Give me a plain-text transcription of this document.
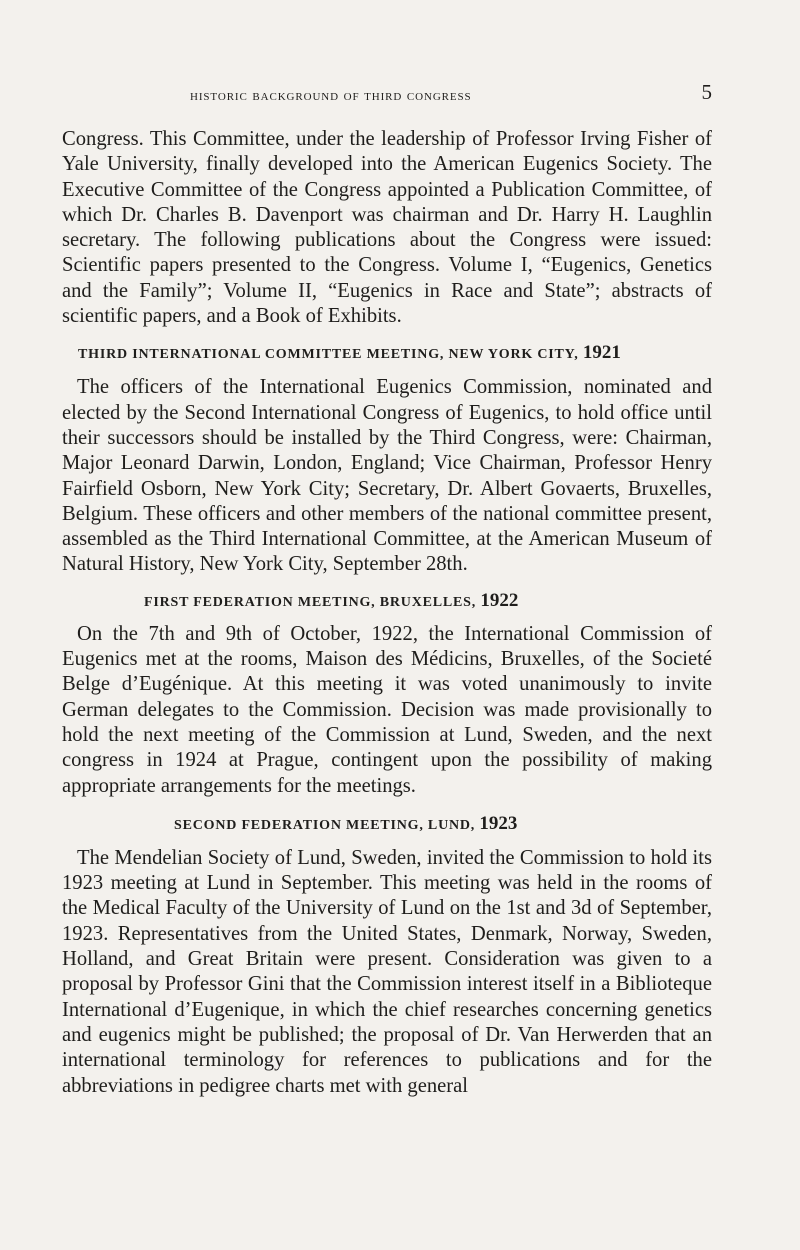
historic background of third congress	5

Congress. This Committee, under the leadership of Professor Irving Fisher of Yale University, finally developed into the American Eugenics Society. The Executive Committee of the Congress appointed a Publication Committee, of which Dr. Charles B. Davenport was chairman and Dr. Harry H. Laughlin secretary. The following publications about the Congress were issued: Scientific papers presented to the Congress. Volume I, “Eugenics, Genetics and the Family”; Volume II, “Eugenics in Race and State”; abstracts of scientific papers, and a Book of Exhibits.

THIRD INTERNATIONAL COMMITTEE MEETING, NEW YORK CITY, 1921

The officers of the International Eugenics Commission, nominated and elected by the Second International Congress of Eugenics, to hold office until their successors should be installed by the Third Congress, were: Chairman, Major Leonard Darwin, London, England; Vice Chairman, Professor Henry Fairfield Osborn, New York City; Secretary, Dr. Albert Govaerts, Bruxelles, Belgium. These officers and other members of the national committee present, assembled as the Third International Committee, at the American Museum of Natural History, New York City, September 28th.

FIRST FEDERATION MEETING, BRUXELLES, 1922

On the 7th and 9th of October, 1922, the International Commission of Eugenics met at the rooms, Maison des Médicins, Bruxelles, of the Societé Belge d’Eugénique. At this meeting it was voted unanimously to invite German delegates to the Commission. Decision was made provisionally to hold the next meeting of the Commission at Lund, Sweden, and the next congress in 1924 at Prague, contingent upon the possibility of making appropriate arrangements for the meetings.

SECOND FEDERATION MEETING, LUND, 1923

The Mendelian Society of Lund, Sweden, invited the Commission to hold its 1923 meeting at Lund in September. This meeting was held in the rooms of the Medical Faculty of the University of Lund on the 1st and 3d of September, 1923. Representatives from the United States, Denmark, Norway, Sweden, Holland, and Great Britain were present. Consideration was given to a proposal by Professor Gini that the Commission interest itself in a Biblioteque International d’Eugenique, in which the chief researches concerning genetics and eugenics might be published; the proposal of Dr. Van Herwerden that an international terminology for references to publications and for the abbreviations in pedigree charts met with general
